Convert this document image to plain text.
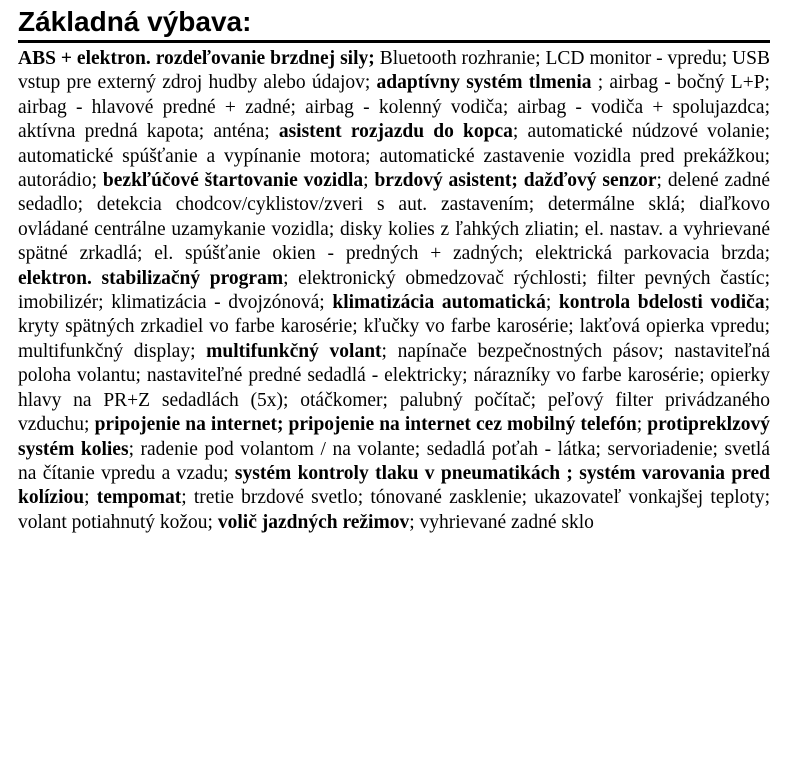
Základná výbava:

ABS + elektron. rozdeľovanie brzdnej sily; Bluetooth rozhranie; LCD monitor - vpredu; USB vstup pre externý zdroj hudby alebo údajov; adaptívny systém tlmenia ; airbag - bočný L+P; airbag - hlavové predné + zadné; airbag - kolenný vodiča; airbag - vodiča + spolujazdca; aktívna predná kapota; anténa; asistent rozjazdu do kopca; automatické núdzové volanie; automatické spúšťanie a vypínanie motora; automatické zastavenie vozidla pred prekážkou; autorádio; bezkľúčové štartovanie vozidla; brzdový asistent; dažďový senzor; delené zadné sedadlo; detekcia chodcov/cyklistov/zveri s aut. zastavením; determálne sklá; diaľkovo ovládané centrálne uzamykanie vozidla; disky kolies z ľahkých zliatin; el. nastav. a vyhrievané spätné zrkadlá; el. spúšťanie okien - predných + zadných; elektrická parkovacia brzda; elektron. stabilizačný program; elektronický obmedzovač rýchlosti; filter pevných častíc; imobilizér; klimatizácia - dvojzónová; klimatizácia automatická; kontrola bdelosti vodiča; kryty spätných zrkadiel vo farbe karosérie; kľučky vo farbe karosérie; lakťová opierka vpredu; multifunkčný display; multifunkčný volant; napínače bezpečnostných pásov; nastaviteľná poloha volantu; nastaviteľné predné sedadlá - elektricky; nárazníky vo farbe karosérie; opierky hlavy na PR+Z sedadlách (5x); otáčkomer; palubný počítač; peľový filter privádzaného vzduchu; pripojenie na internet; pripojenie na internet cez mobilný telefón; protipreklzový systém kolies; radenie pod volantom / na volante; sedadlá poťah - látka; servoriadenie; svetlá na čítanie vpredu a vzadu; systém kontroly tlaku v pneumatikách ; systém varovania pred kolíziou; tempomat; tretie brzdové svetlo; tónované zasklenie; ukazovateľ vonkajšej teploty; volant potiahnutý kožou; volič jazdných režimov; vyhrievané zadné sklo
